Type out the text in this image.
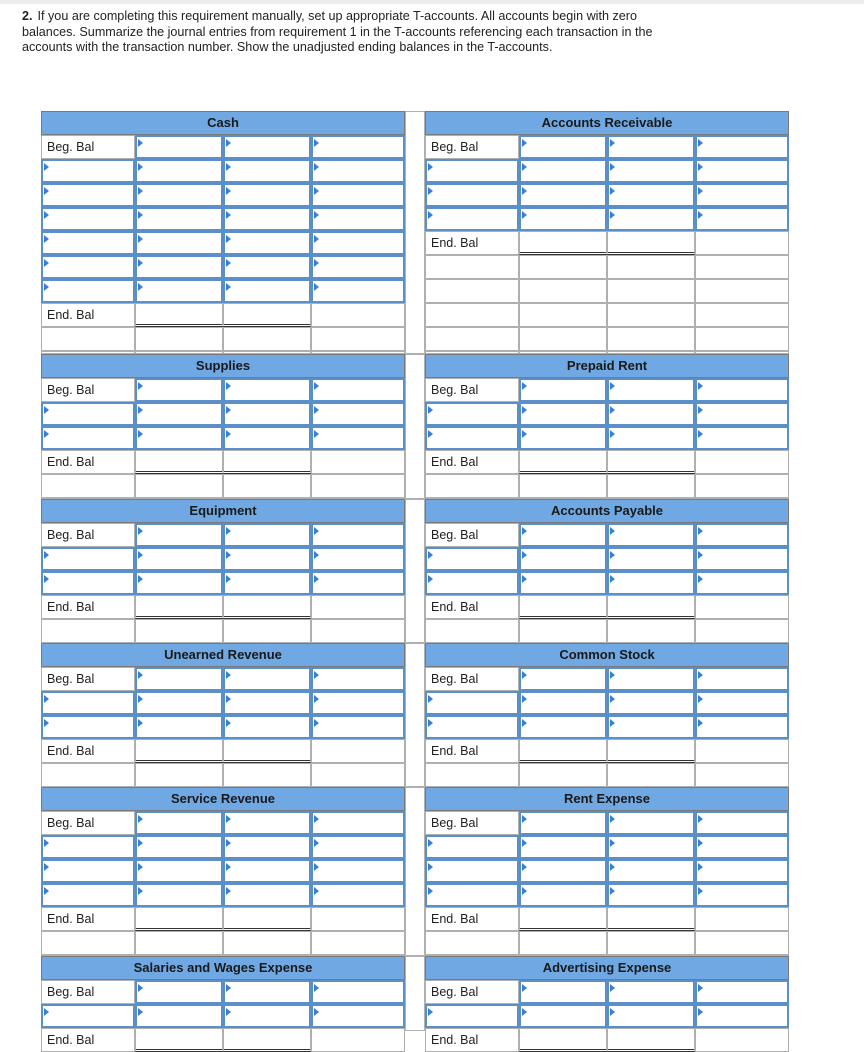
2. If you are completing this requirement manually, set up appropriate T-accounts. All accounts begin with zero balances. Summarize the journal entries from requirement 1 in the T-accounts referencing each transaction in the accounts with the transaction number. Show the unadjusted ending balances in the T-accounts.
Cash
Beg. Bal
End. Bal
Accounts Receivable
Beg. Bal
End. Bal
Supplies
Beg. Bal
End. Bal
Prepaid Rent
Beg. Bal
End. Bal
Equipment
Beg. Bal
End. Bal
Accounts Payable
Beg. Bal
End. Bal
Unearned Revenue
Beg. Bal
End. Bal
Common Stock
Beg. Bal
End. Bal
Service Revenue
Beg. Bal
End. Bal
Rent Expense
Beg. Bal
End. Bal
Salaries and Wages Expense
Beg. Bal
End. Bal
Advertising Expense
Beg. Bal
End. Bal
